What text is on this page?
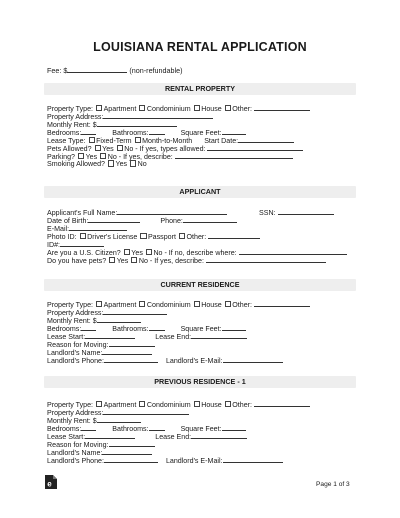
LOUISIANA RENTAL APPLICATION
Fee: $	(non-refundable)
RENTAL PROPERTY
Property Type: Apartment Condominium House Other:
Property Address:
Monthly Rent: $
Bedrooms:	Bathrooms:	Square Feet:
Lease Type: Fixed-Term Month-to-Month Start Date:
Pets Allowed? Yes No - If yes, types allowed:
Parking? Yes No - If yes, describe:
Smoking Allowed? Yes No
APPLICANT
Applicant's Full Name:	SSN:
Date of Birth:	Phone:
E-Mail:
Photo ID: Driver's License Passport Other:
ID#:
Are you a U.S. Citizen? Yes No - If no, describe where:
Do you have pets? Yes No - If yes, describe:
CURRENT RESIDENCE
Property Type: Apartment Condominium House Other:
Property Address:
Monthly Rent: $
Bedrooms:	Bathrooms:	Square Feet:
Lease Start:	Lease End:
Reason for Moving:
Landlord's Name:
Landlord's Phone:	Landlord's E-Mail:
PREVIOUS RESIDENCE - 1
Property Type: Apartment Condominium House Other:
Property Address:
Monthly Rent: $
Bedrooms:	Bathrooms:	Square Feet:
Lease Start:	Lease End:
Reason for Moving:
Landlord's Name:
Landlord's Phone:	Landlord's E-Mail:
e	Page 1 of 3
